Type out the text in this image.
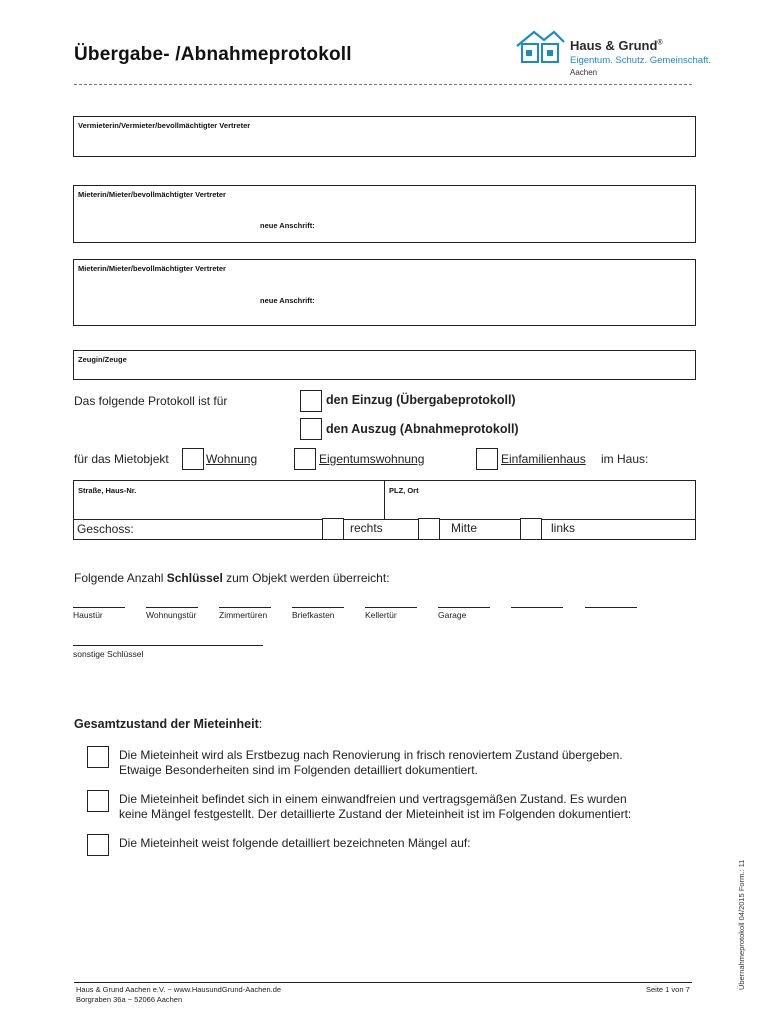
Übergabe- /Abnahmeprotokoll	Haus & Grund®
Eigentum. Schutz. Gemeinschaft.
Aachen
Vermieterin/Vermieter/bevollmächtigter Vertreter
Mieterin/Mieter/bevollmächtigter Vertreter
neue Anschrift:
Mieterin/Mieter/bevollmächtigter Vertreter
neue Anschrift:
Zeugin/Zeuge
Das folgende Protokoll ist für	den Einzug (Übergabeprotokoll)
den Auszug (Abnahmeprotokoll)
für das Mietobjekt	Wohnung	Eigentumswohnung	Einfamilienhaus im Haus:
Straße, Haus-Nr.	PLZ, Ort
Geschoss:	rechts	Mitte	links
Folgende Anzahl Schlüssel zum Objekt werden überreicht:
Haustür	Wohnungstür	Zimmertüren	Briefkasten	Kellertür	Garage
sonstige Schlüssel
Gesamtzustand der Mieteinheit:
Die Mieteinheit wird als Erstbezug nach Renovierung in frisch renoviertem Zustand übergeben.
Etwaige Besonderheiten sind im Folgenden detailliert dokumentiert.
Die Mieteinheit befindet sich in einem einwandfreien und vertragsgemäßen Zustand. Es wurden
keine Mängel festgestellt. Der detaillierte Zustand der Mieteinheit ist im Folgenden dokumentiert:
Die Mieteinheit weist folgende detailliert bezeichneten Mängel auf:
Übernahmeprotokoll 04/2015 Form.: 11
Haus & Grund Aachen e.V. ~ www.HausundGrund-Aachen.de
Borgraben 36a ~ 52066 Aachen
Seite 1 von 7
